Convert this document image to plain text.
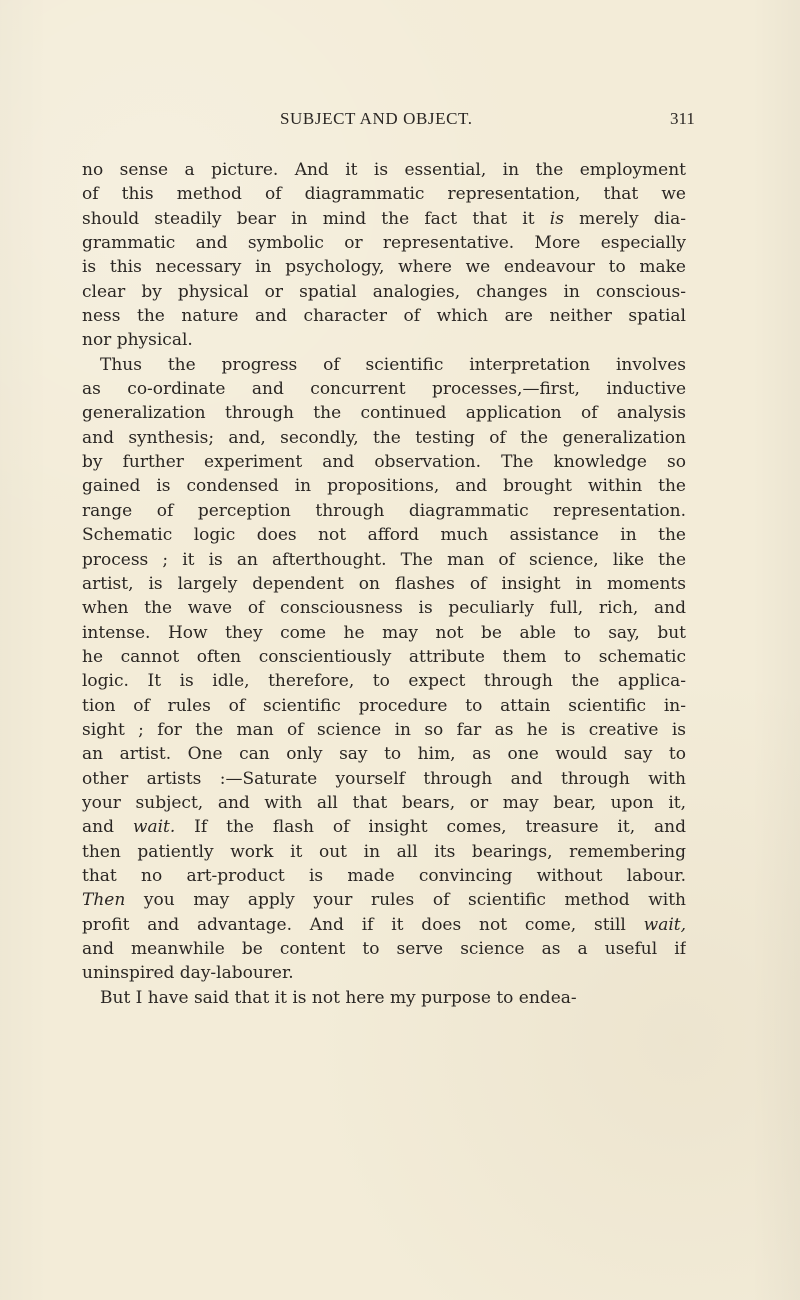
SUBJECT AND OBJECT.	311
no sense a picture. And it is essential, in the employment
of this method of diagrammatic representation, that we
should steadily bear in mind the fact that it is merely dia-
grammatic and symbolic or representative. More especially
is this necessary in psychology, where we endeavour to make
clear by physical or spatial analogies, changes in conscious-
ness the nature and character of which are neither spatial
nor physical.
Thus the progress of scientific interpretation involves
as co-ordinate and concurrent processes,—first, inductive
generalization through the continued application of analysis
and synthesis; and, secondly, the testing of the generalization
by further experiment and observation. The knowledge so
gained is condensed in propositions, and brought within the
range of perception through diagrammatic representation.
Schematic logic does not afford much assistance in the
process ; it is an afterthought. The man of science, like the
artist, is largely dependent on flashes of insight in moments
when the wave of consciousness is peculiarly full, rich, and
intense. How they come he may not be able to say, but
he cannot often conscientiously attribute them to schematic
logic. It is idle, therefore, to expect through the applica-
tion of rules of scientific procedure to attain scientific in-
sight ; for the man of science in so far as he is creative is
an artist. One can only say to him, as one would say to
other artists :—Saturate yourself through and through with
your subject, and with all that bears, or may bear, upon it,
and wait. If the flash of insight comes, treasure it, and
then patiently work it out in all its bearings, remembering
that no art-product is made convincing without labour.
Then you may apply your rules of scientific method with
profit and advantage. And if it does not come, still wait,
and meanwhile be content to serve science as a useful if
uninspired day-labourer.
But I have said that it is not here my purpose to endea-
